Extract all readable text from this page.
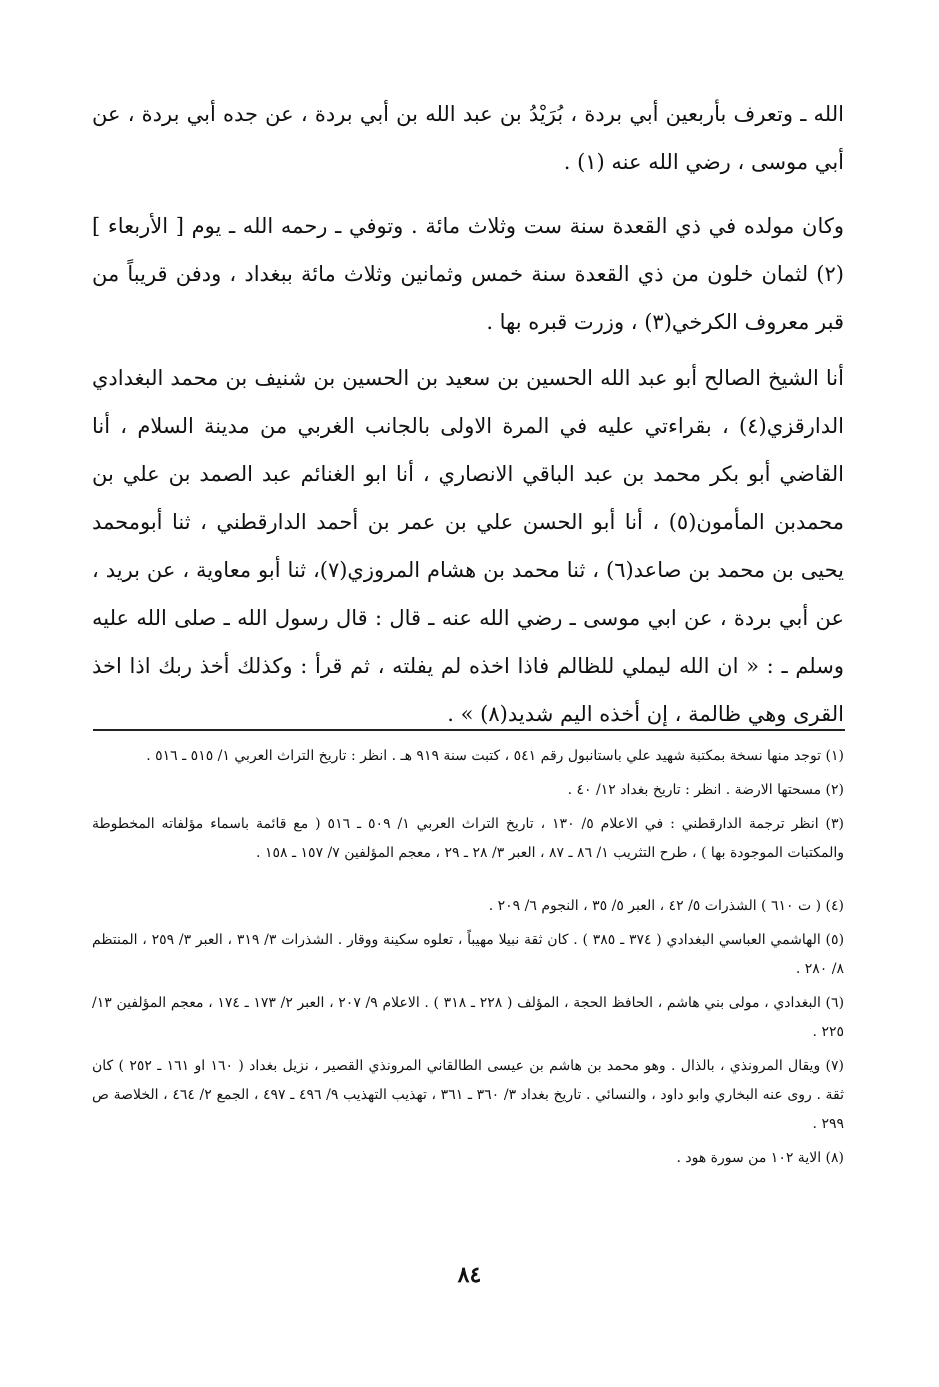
الله ـ وتعرف بأربعين أبي بردة ، بُرَيْدُ بن عبد الله بن أبي بردة ، عن جده أبي بردة ، عن أبي موسى ، رضي الله عنه (١) .

وكان مولده في ذي القعدة سنة ست وثلاث مائة . وتوفي ـ رحمه الله ـ يوم [ الأربعاء ](٢) لثمان خلون من ذي القعدة سنة خمس وثمانين وثلاث مائة ببغداد ، ودفن قريباً من قبر معروف الكرخي(٣) ، وزرت قبره بها .

أنا الشيخ الصالح أبو عبد الله الحسين بن سعيد بن الحسين بن شنيف بن محمد البغدادي الدارقزي(٤) ، بقراءتي عليه في المرة الاولى بالجانب الغربي من مدينة السلام ، أنا القاضي أبو بكر محمد بن عبد الباقي الانصاري ، أنا ابو الغنائم عبد الصمد بن علي بن محمدبن المأمون(٥) ، أنا أبو الحسن علي بن عمر بن أحمد الدارقطني ، ثنا أبومحمد يحيى بن محمد بن صاعد(٦) ، ثنا محمد بن هشام المروزي(٧)، ثنا أبو معاوية ، عن بريد ، عن أبي بردة ، عن ابي موسى ـ رضي الله عنه ـ قال : قال رسول الله ـ صلى الله عليه وسلم ـ : « ان الله ليملي للظالم فاذا اخذه لم يفلته ، ثم قرأ : وكذلك أخذ ربك اذا اخذ القرى وهي ظالمة ، إن أخذه اليم شديد(٨) » .

(١) توجد منها نسخة بمكتبة شهيد علي باستانبول رقم ٥٤١ ، كتبت سنة ٩١٩ هـ . انظر : تاريخ التراث العربي ١/ ٥١٥ ـ ٥١٦ .
(٢) مسحتها الارضة . انظر : تاريخ بغداد ١٢/ ٤٠ .
(٣) انظر ترجمة الدارقطني : في الاعلام ٥/ ١٣٠ ، تاريخ التراث العربي ١/ ٥٠٩ ـ ٥١٦ ( مع قائمة باسماء مؤلفاته المخطوطة والمكتبات الموجودة بها ) ، طرح التثريب ١/ ٨٦ ـ ٨٧ ، العبر ٣/ ٢٨ ـ ٢٩ ، معجم المؤلفين ٧/ ١٥٧ ـ ١٥٨ .
(٤) ( ت ٦١٠ ) الشذرات ٥/ ٤٢ ، العبر ٥/ ٣٥ ، النجوم ٦/ ٢٠٩ .
(٥) الهاشمي العباسي البغدادي ( ٣٧٤ ـ ٣٨٥ ) . كان ثقة نبيلا مهيباً ، تعلوه سكينة ووقار . الشذرات ٣/ ٣١٩ ، العبر ٣/ ٢٥٩ ، المنتظم ٨/ ٢٨٠ .
(٦) البغدادي ، مولى بني هاشم ، الحافظ الحجة ، المؤلف ( ٢٢٨ ـ ٣١٨ ) . الاعلام ٩/ ٢٠٧ ، العبر ٢/ ١٧٣ ـ ١٧٤ ، معجم المؤلفين ١٣/ ٢٢٥ .
(٧) ويقال المرونذي ، بالذال . وهو محمد بن هاشم بن عيسى الطالقاني المرونذي القصير ، نزيل بغداد ( ١٦٠ او ١٦١ ـ ٢٥٢ ) كان ثقة . روى عنه البخاري وابو داود ، والنسائي . تاريخ بغداد ٣/ ٣٦٠ ـ ٣٦١ ، تهذيب التهذيب ٩/ ٤٩٦ ـ ٤٩٧ ، الجمع ٢/ ٤٦٤ ، الخلاصة ص ٢٩٩ .
(٨) الاية ١٠٢ من سورة هود .
٨٤
